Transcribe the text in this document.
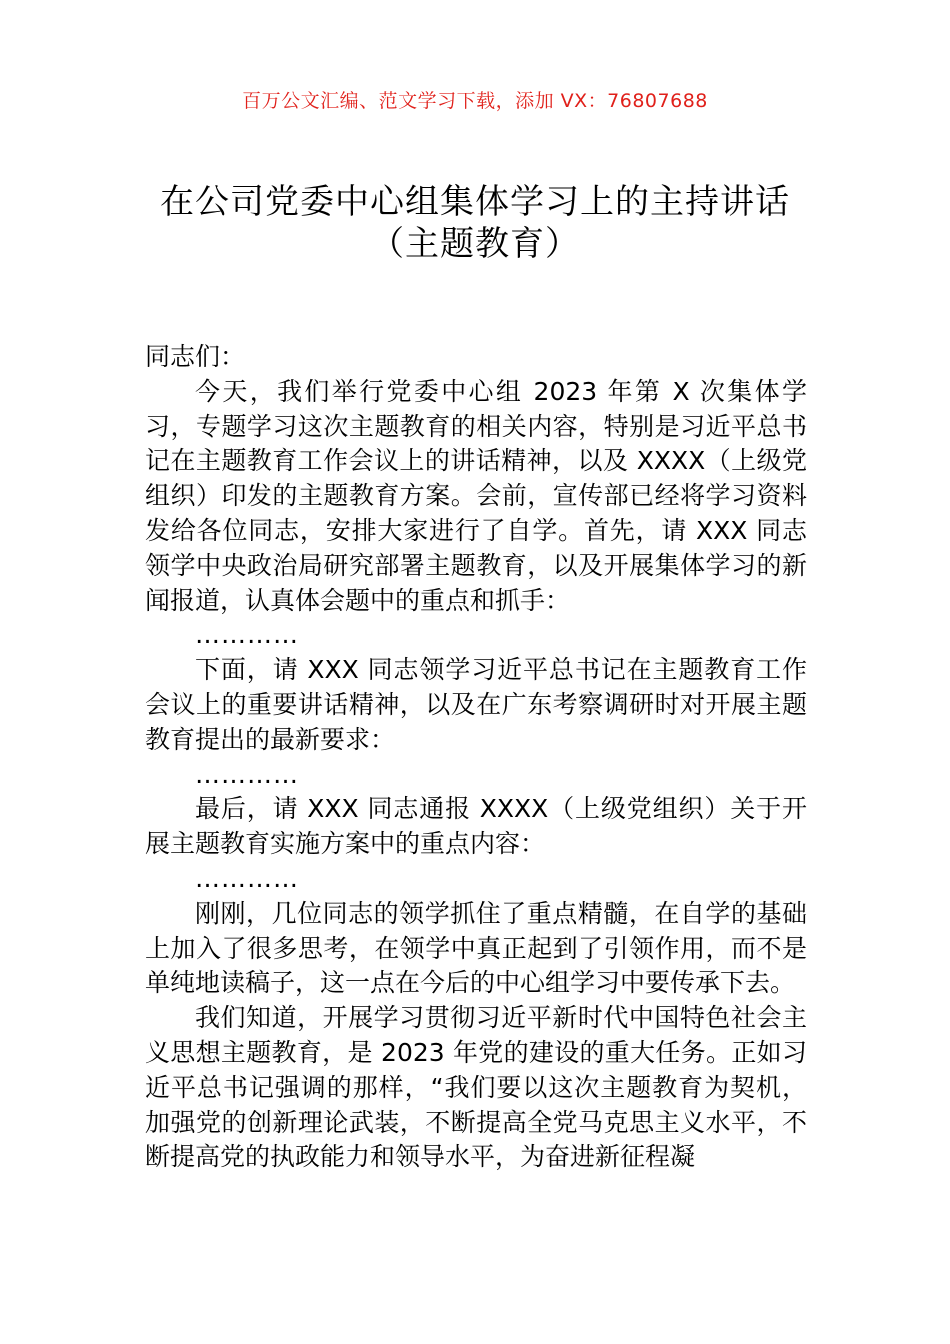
百万公文汇编、范文学习下载，添加 VX：76807688
在公司党委中心组集体学习上的主持讲话
（主题教育）

同志们：

今天，我们举行党委中心组 2023 年第 X 次集体学习，专题学习这次主题教育的相关内容，特别是习近平总书记在主题教育工作会议上的讲话精神，以及 XXXX（上级党组织）印发的主题教育方案。会前，宣传部已经将学习资料发给各位同志，安排大家进行了自学。首先，请 XXX 同志领学中央政治局研究部署主题教育，以及开展集体学习的新闻报道，认真体会题中的重点和抓手：

…………

下面，请 XXX 同志领学习近平总书记在主题教育工作会议上的重要讲话精神，以及在广东考察调研时对开展主题教育提出的最新要求：

…………

最后，请 XXX 同志通报 XXXX（上级党组织）关于开展主题教育实施方案中的重点内容：

…………

刚刚，几位同志的领学抓住了重点精髓，在自学的基础上加入了很多思考，在领学中真正起到了引领作用，而不是单纯地读稿子，这一点在今后的中心组学习中要传承下去。

我们知道，开展学习贯彻习近平新时代中国特色社会主义思想主题教育，是 2023 年党的建设的重大任务。正如习近平总书记强调的那样，“我们要以这次主题教育为契机，加强党的创新理论武装，不断提高全党马克思主义水平，不断提高党的执政能力和领导水平，为奋进新征程凝
